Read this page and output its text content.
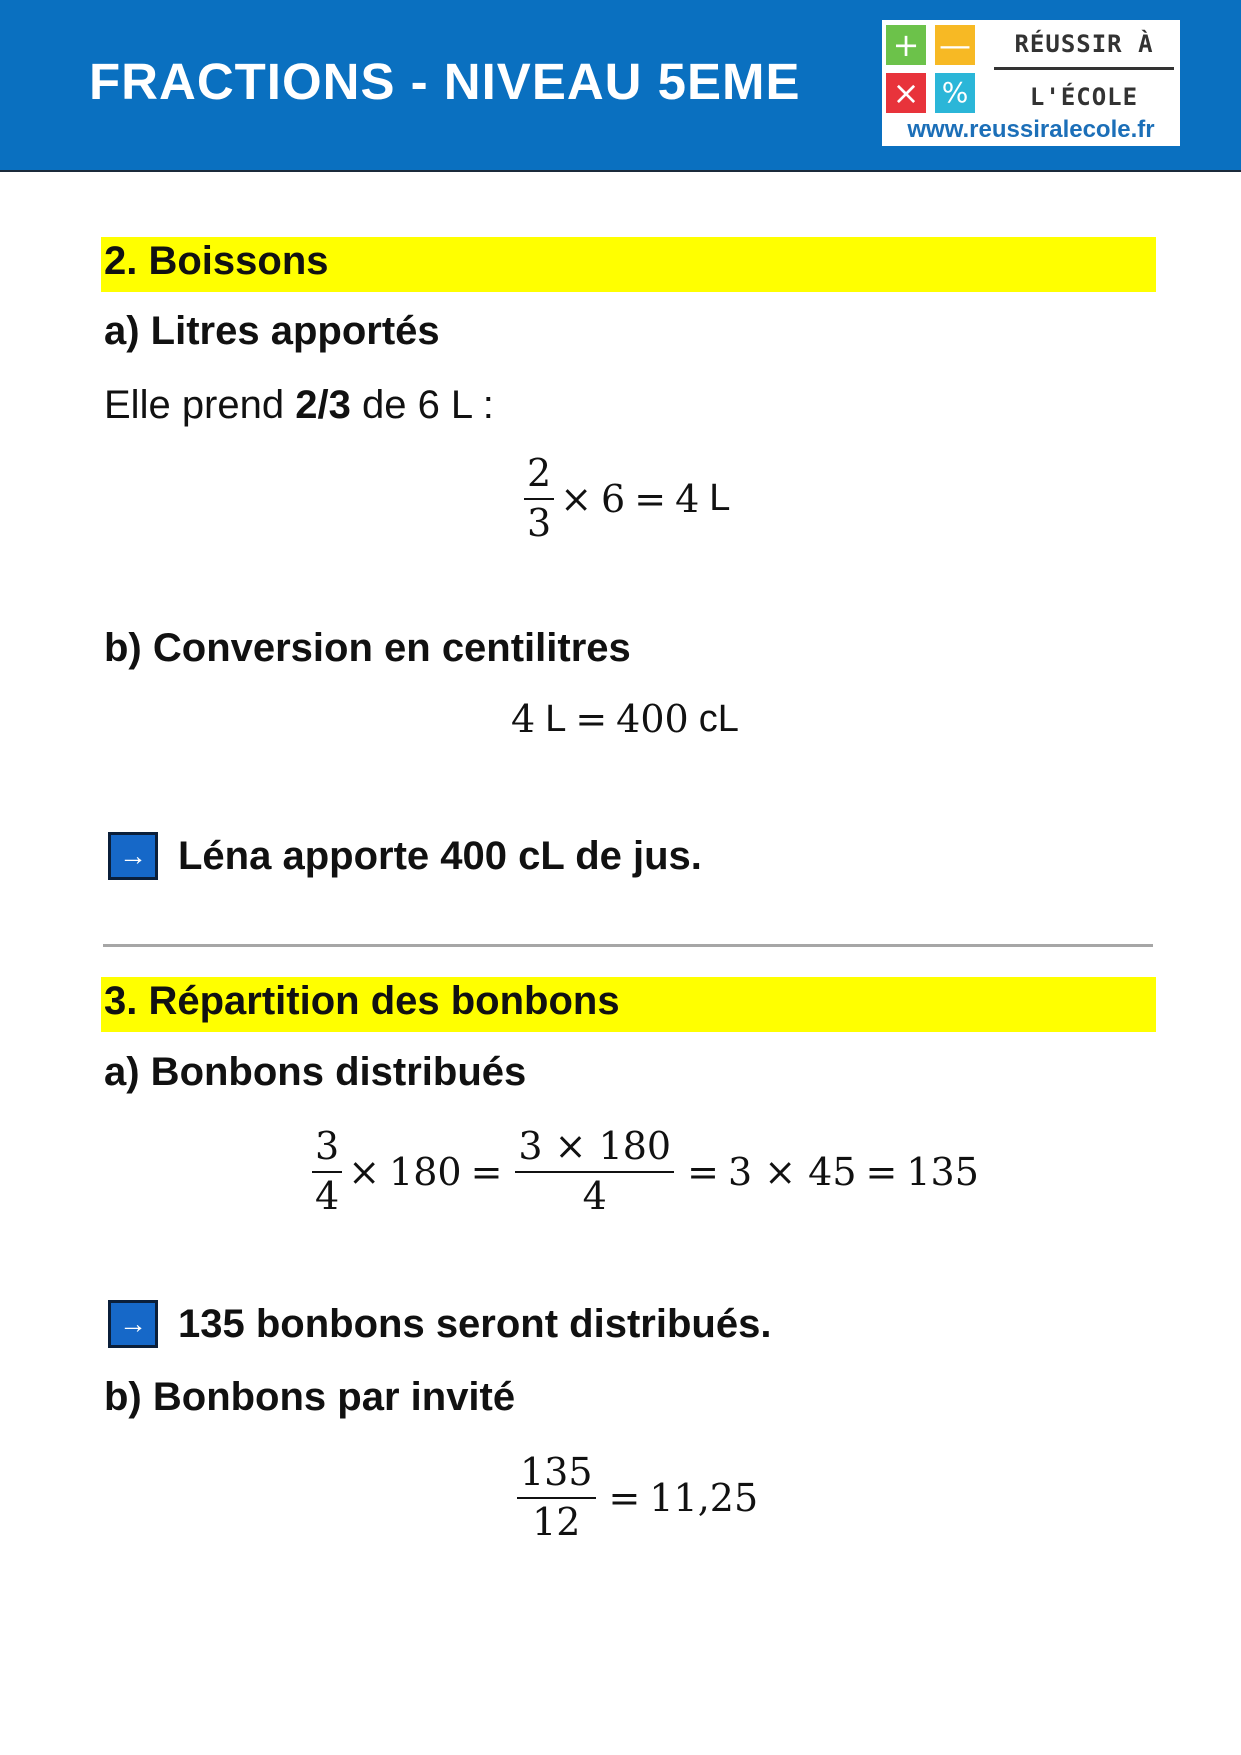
FRACTIONS - NIVEAU 5EME
+ —
× %
RÉUSSIR À
L'ÉCOLE
www.reussiralecole.fr
2. Boissons
a) Litres apportés
Elle prend 2/3 de 6 L :
$\frac{2}{3} \times 6 = 4$ L
b) Conversion en centilitres
4 L = 400 cL
→ Léna apporte 400 cL de jus.
3. Répartition des bonbons
a) Bonbons distribués
$\frac{3}{4} \times 180 = \frac{3 \times 180}{4} = 3 \times 45 = 135$
→ 135 bonbons seront distribués.
b) Bonbons par invité
$\frac{135}{12} = 11,25$
